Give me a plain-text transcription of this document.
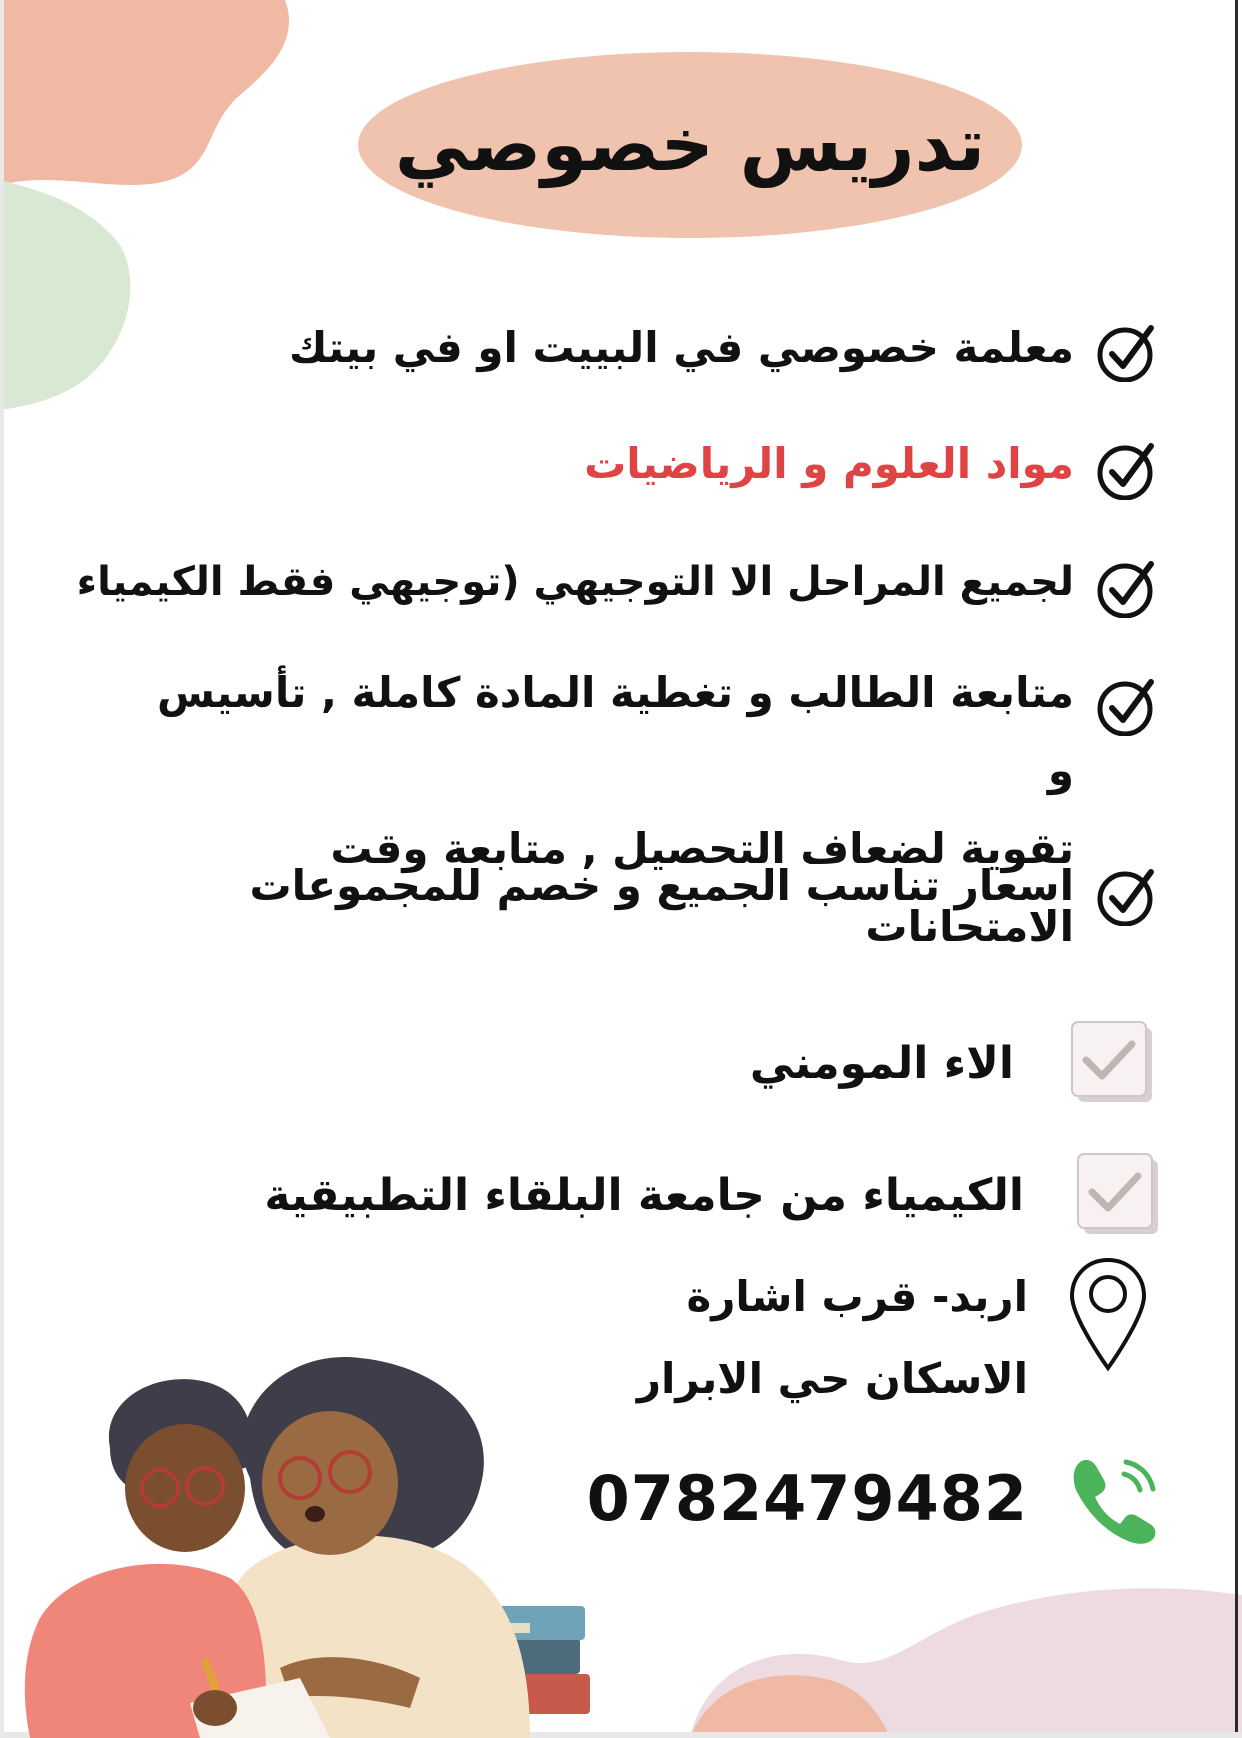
تدريس خصوصي
معلمة خصوصي في البييت او في بيتك
مواد العلوم و الرياضيات
لجميع المراحل الا التوجيهي (توجيهي فقط الكيمياء
متابعة الطالب و تغطية المادة كاملة , تأسيس و
تقوية لضعاف التحصيل , متابعة وقت الامتحانات
اسعار تناسب الجميع و خصم للمجموعات
الاء المومني
الكيمياء من جامعة البلقاء التطبيقية
اربد- قرب اشارة
الاسكان حي الابرار
0782479482
